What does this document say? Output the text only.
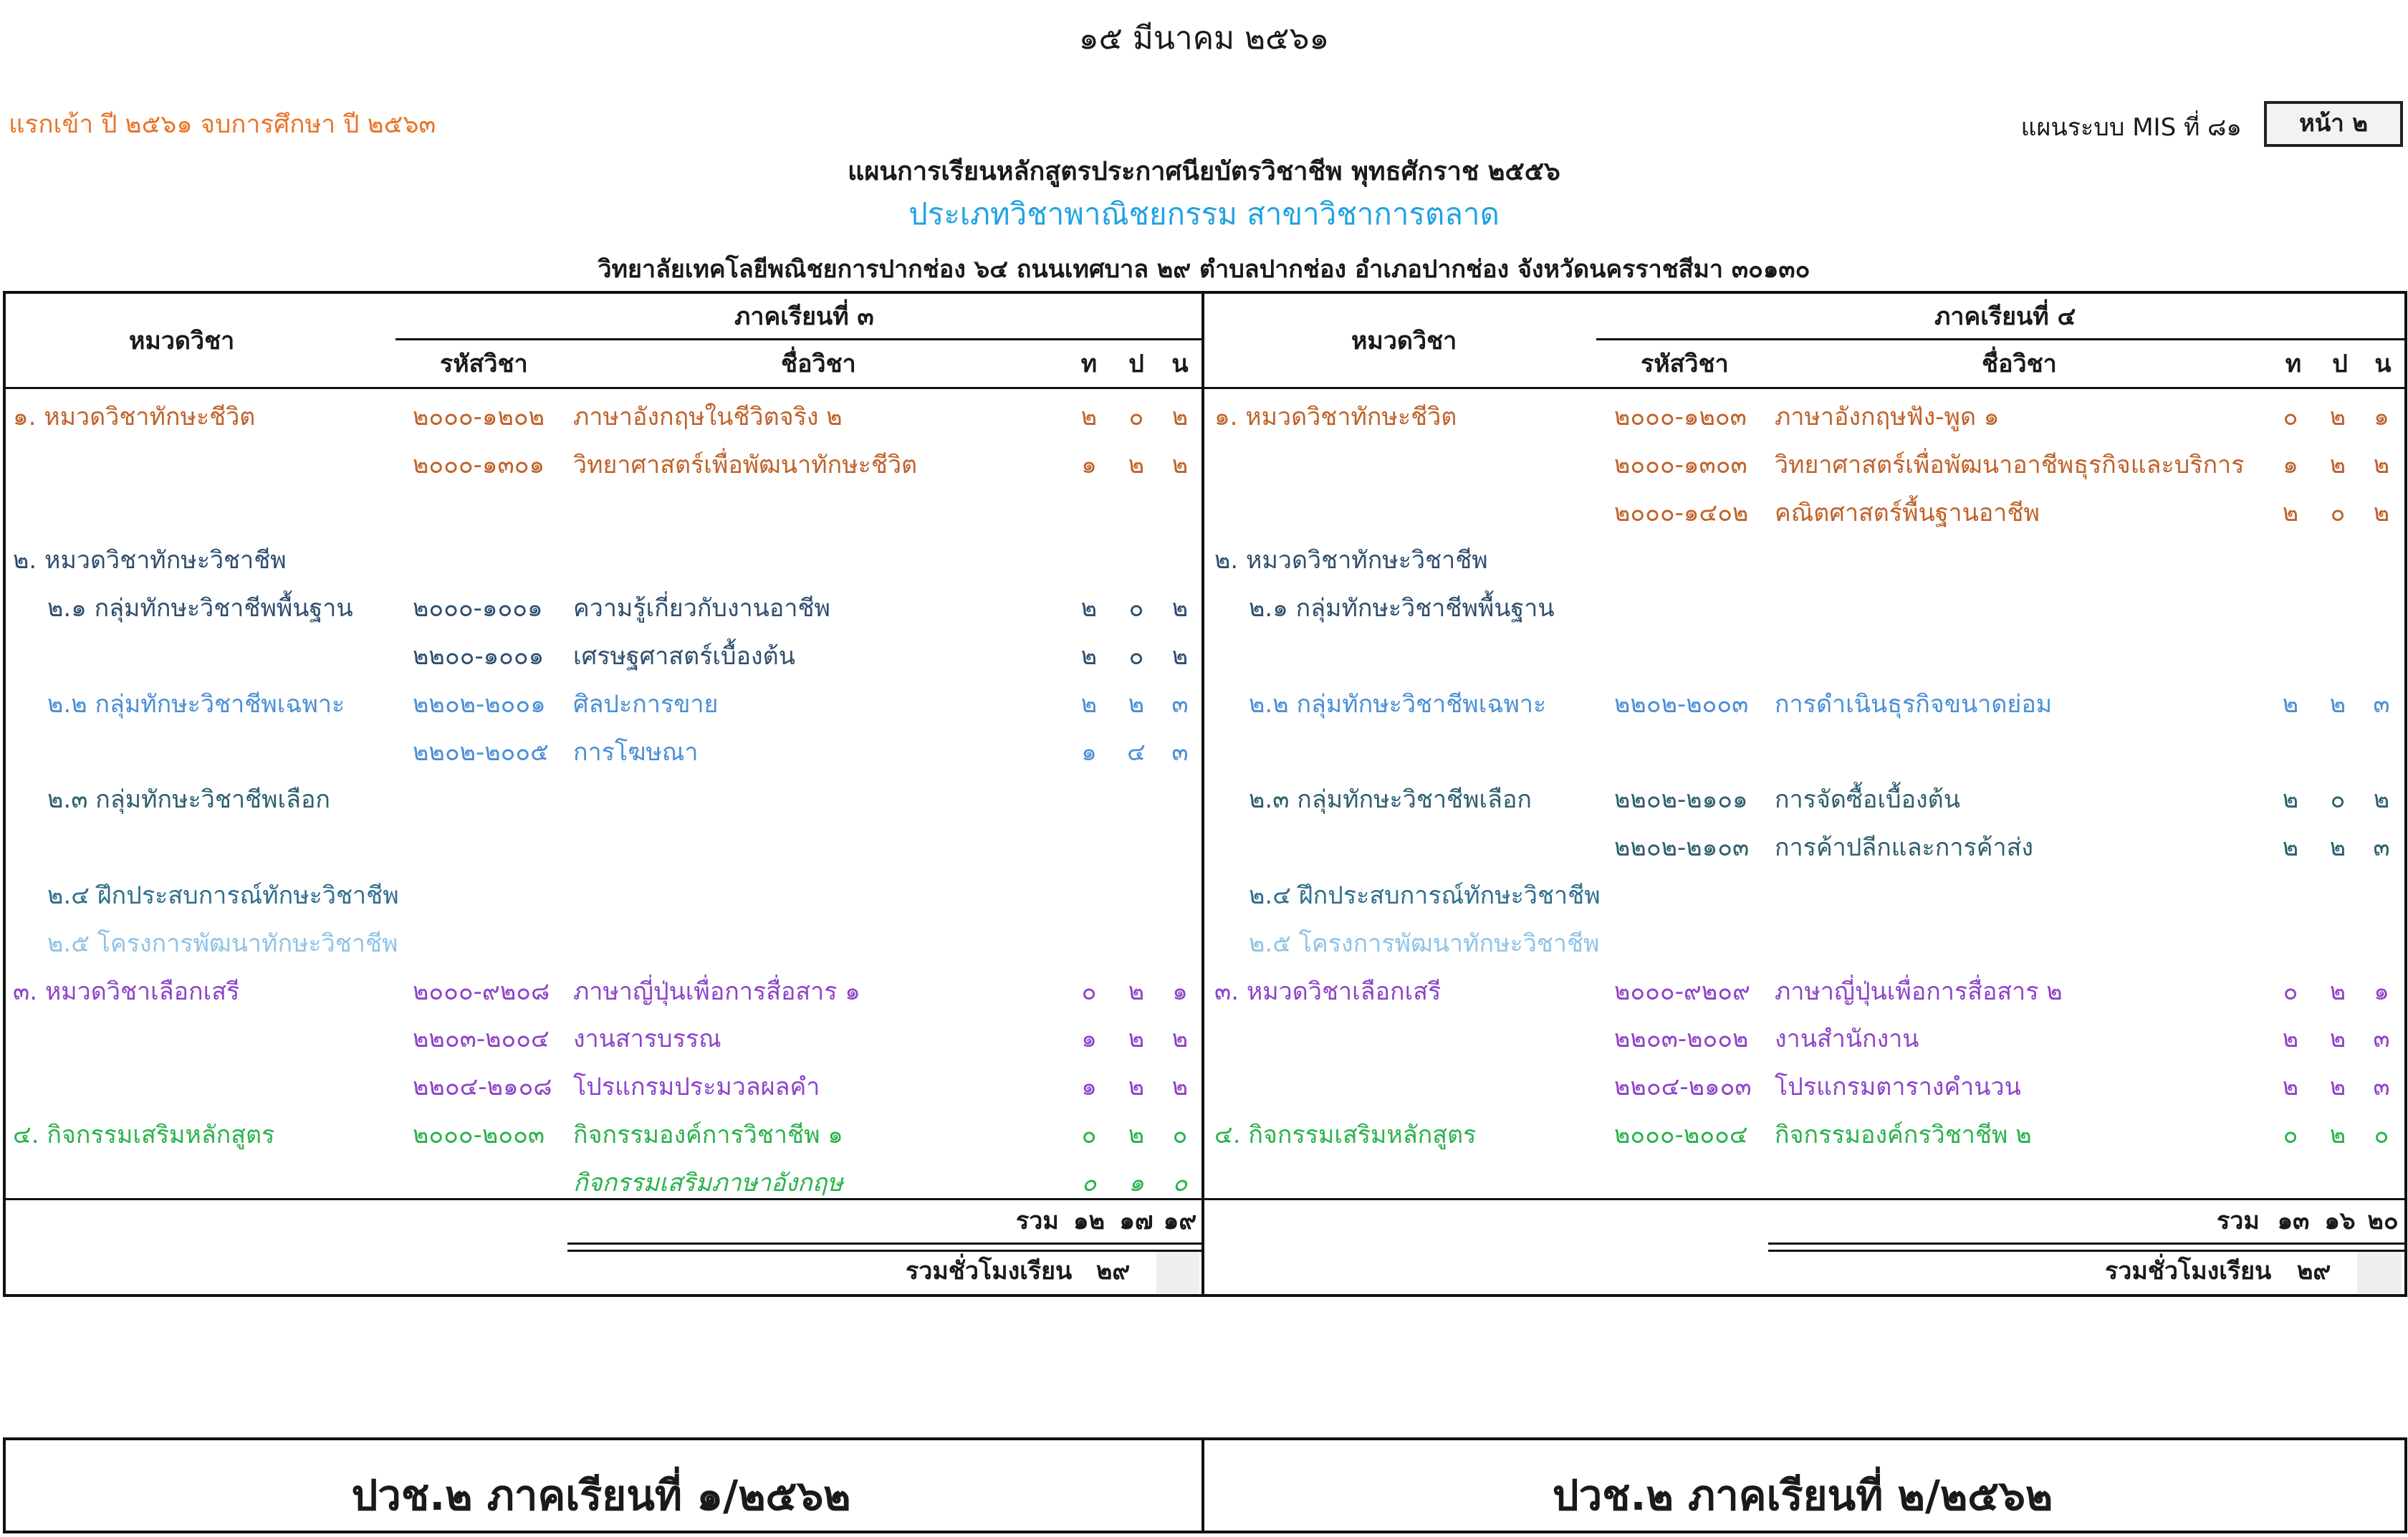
๑๕ มีนาคม ๒๕๖๑
แรกเข้า ปี ๒๕๖๑ จบการศึกษา ปี ๒๕๖๓	แผนระบบ MIS ที่ ๘๑	หน้า ๒
แผนการเรียนหลักสูตรประกาศนียบัตรวิชาชีพ พุทธศักราช ๒๕๕๖
ประเภทวิชาพาณิชยกรรม สาขาวิชาการตลาด
วิทยาลัยเทคโลยีพณิชยการปากช่อง ๖๔ ถนนเทศบาล ๒๙ ตำบลปากช่อง อำเภอปากช่อง จังหวัดนครราชสีมา ๓๐๑๓๐
หมวดวิชา
ภาคเรียนที่ ๓
รหัสวิชา	ชื่อวิชา	ท	ป	น
หมวดวิชา
ภาคเรียนที่ ๔
รหัสวิชา	ชื่อวิชา	ท	ป	น
๑. หมวดวิชาทักษะชีวิต	๒๐๐๐-๑๒๐๒ ภาษาอังกฤษในชีวิตจริง ๒	๒	๐	๒
๒๐๐๐-๑๓๐๑ วิทยาศาสตร์เพื่อพัฒนาทักษะชีวิต	๑	๒	๒
๒. หมวดวิชาทักษะวิชาชีพ
๒.๑ กลุ่มทักษะวิชาชีพพื้นฐาน ๒๐๐๐-๑๐๐๑ ความรู้เกี่ยวกับงานอาชีพ	๒	๐	๒
๒๒๐๐-๑๐๐๑ เศรษฐศาสตร์เบื้องต้น	๒	๐	๒
๒.๒ กลุ่มทักษะวิชาชีพเฉพาะ	๒๒๐๒-๒๐๐๑ ศิลปะการขาย	๒	๒	๓
๒๒๐๒-๒๐๐๕ การโฆษณา	๑	๔	๓
๒.๓ กลุ่มทักษะวิชาชีพเลือก
๒.๔ ฝึกประสบการณ์ทักษะวิชาชีพ
๒.๕ โครงการพัฒนาทักษะวิชาชีพ
๓. หมวดวิชาเลือกเสรี	๒๐๐๐-๙๒๐๘ ภาษาญี่ปุ่นเพื่อการสื่อสาร ๑	๐	๒	๑
๒๒๐๓-๒๐๐๔ งานสารบรรณ	๑	๒	๒
๒๒๐๔-๒๑๐๘ โปรแกรมประมวลผลคำ	๑	๒	๒
๔. กิจกรรมเสริมหลักสูตร	๒๐๐๐-๒๐๐๓ กิจกรรมองค์การวิชาชีพ ๑	๐	๒	๐
กิจกรรมเสริมภาษาอังกฤษ	๐	๑	๐
๑. หมวดวิชาทักษะชีวิต	๒๐๐๐-๑๒๐๓ ภาษาอังกฤษฟัง-พูด ๑	๐	๒	๑
๒๐๐๐-๑๓๐๓ วิทยาศาสตร์เพื่อพัฒนาอาชีพธุรกิจและบริการ	๑	๒	๒
๒๐๐๐-๑๔๐๒ คณิตศาสตร์พื้นฐานอาชีพ	๒	๐	๒
๒. หมวดวิชาทักษะวิชาชีพ
๒.๑ กลุ่มทักษะวิชาชีพพื้นฐาน
๒.๒ กลุ่มทักษะวิชาชีพเฉพาะ	๒๒๐๒-๒๐๐๓ การดำเนินธุรกิจขนาดย่อม	๒	๒	๓
๒.๓ กลุ่มทักษะวิชาชีพเลือก	๒๒๐๒-๒๑๐๑ การจัดซื้อเบื้องต้น	๒	๐	๒
๒๒๐๒-๒๑๐๓ การค้าปลีกและการค้าส่ง	๒	๒	๓
๒.๔ ฝึกประสบการณ์ทักษะวิชาชีพ
๒.๕ โครงการพัฒนาทักษะวิชาชีพ
๓. หมวดวิชาเลือกเสรี	๒๐๐๐-๙๒๐๙ ภาษาญี่ปุ่นเพื่อการสื่อสาร ๒	๐	๒	๑
๒๒๐๓-๒๐๐๒ งานสำนักงาน	๒	๒	๓
๒๒๐๔-๒๑๐๓ โปรแกรมตารางคำนวน	๒	๒	๓
๔. กิจกรรมเสริมหลักสูตร	๒๐๐๐-๒๐๐๔ กิจกรรมองค์กรวิชาชีพ ๒	๐	๒	๐
รวม ๑๒ ๑๗ ๑๙
รวมชั่วโมงเรียน ๒๙
รวม ๑๓ ๑๖ ๒๐
รวมชั่วโมงเรียน ๒๙
ปวช.๒ ภาคเรียนที่ ๑/๒๕๖๒	ปวช.๒ ภาคเรียนที่ ๒/๒๕๖๒
